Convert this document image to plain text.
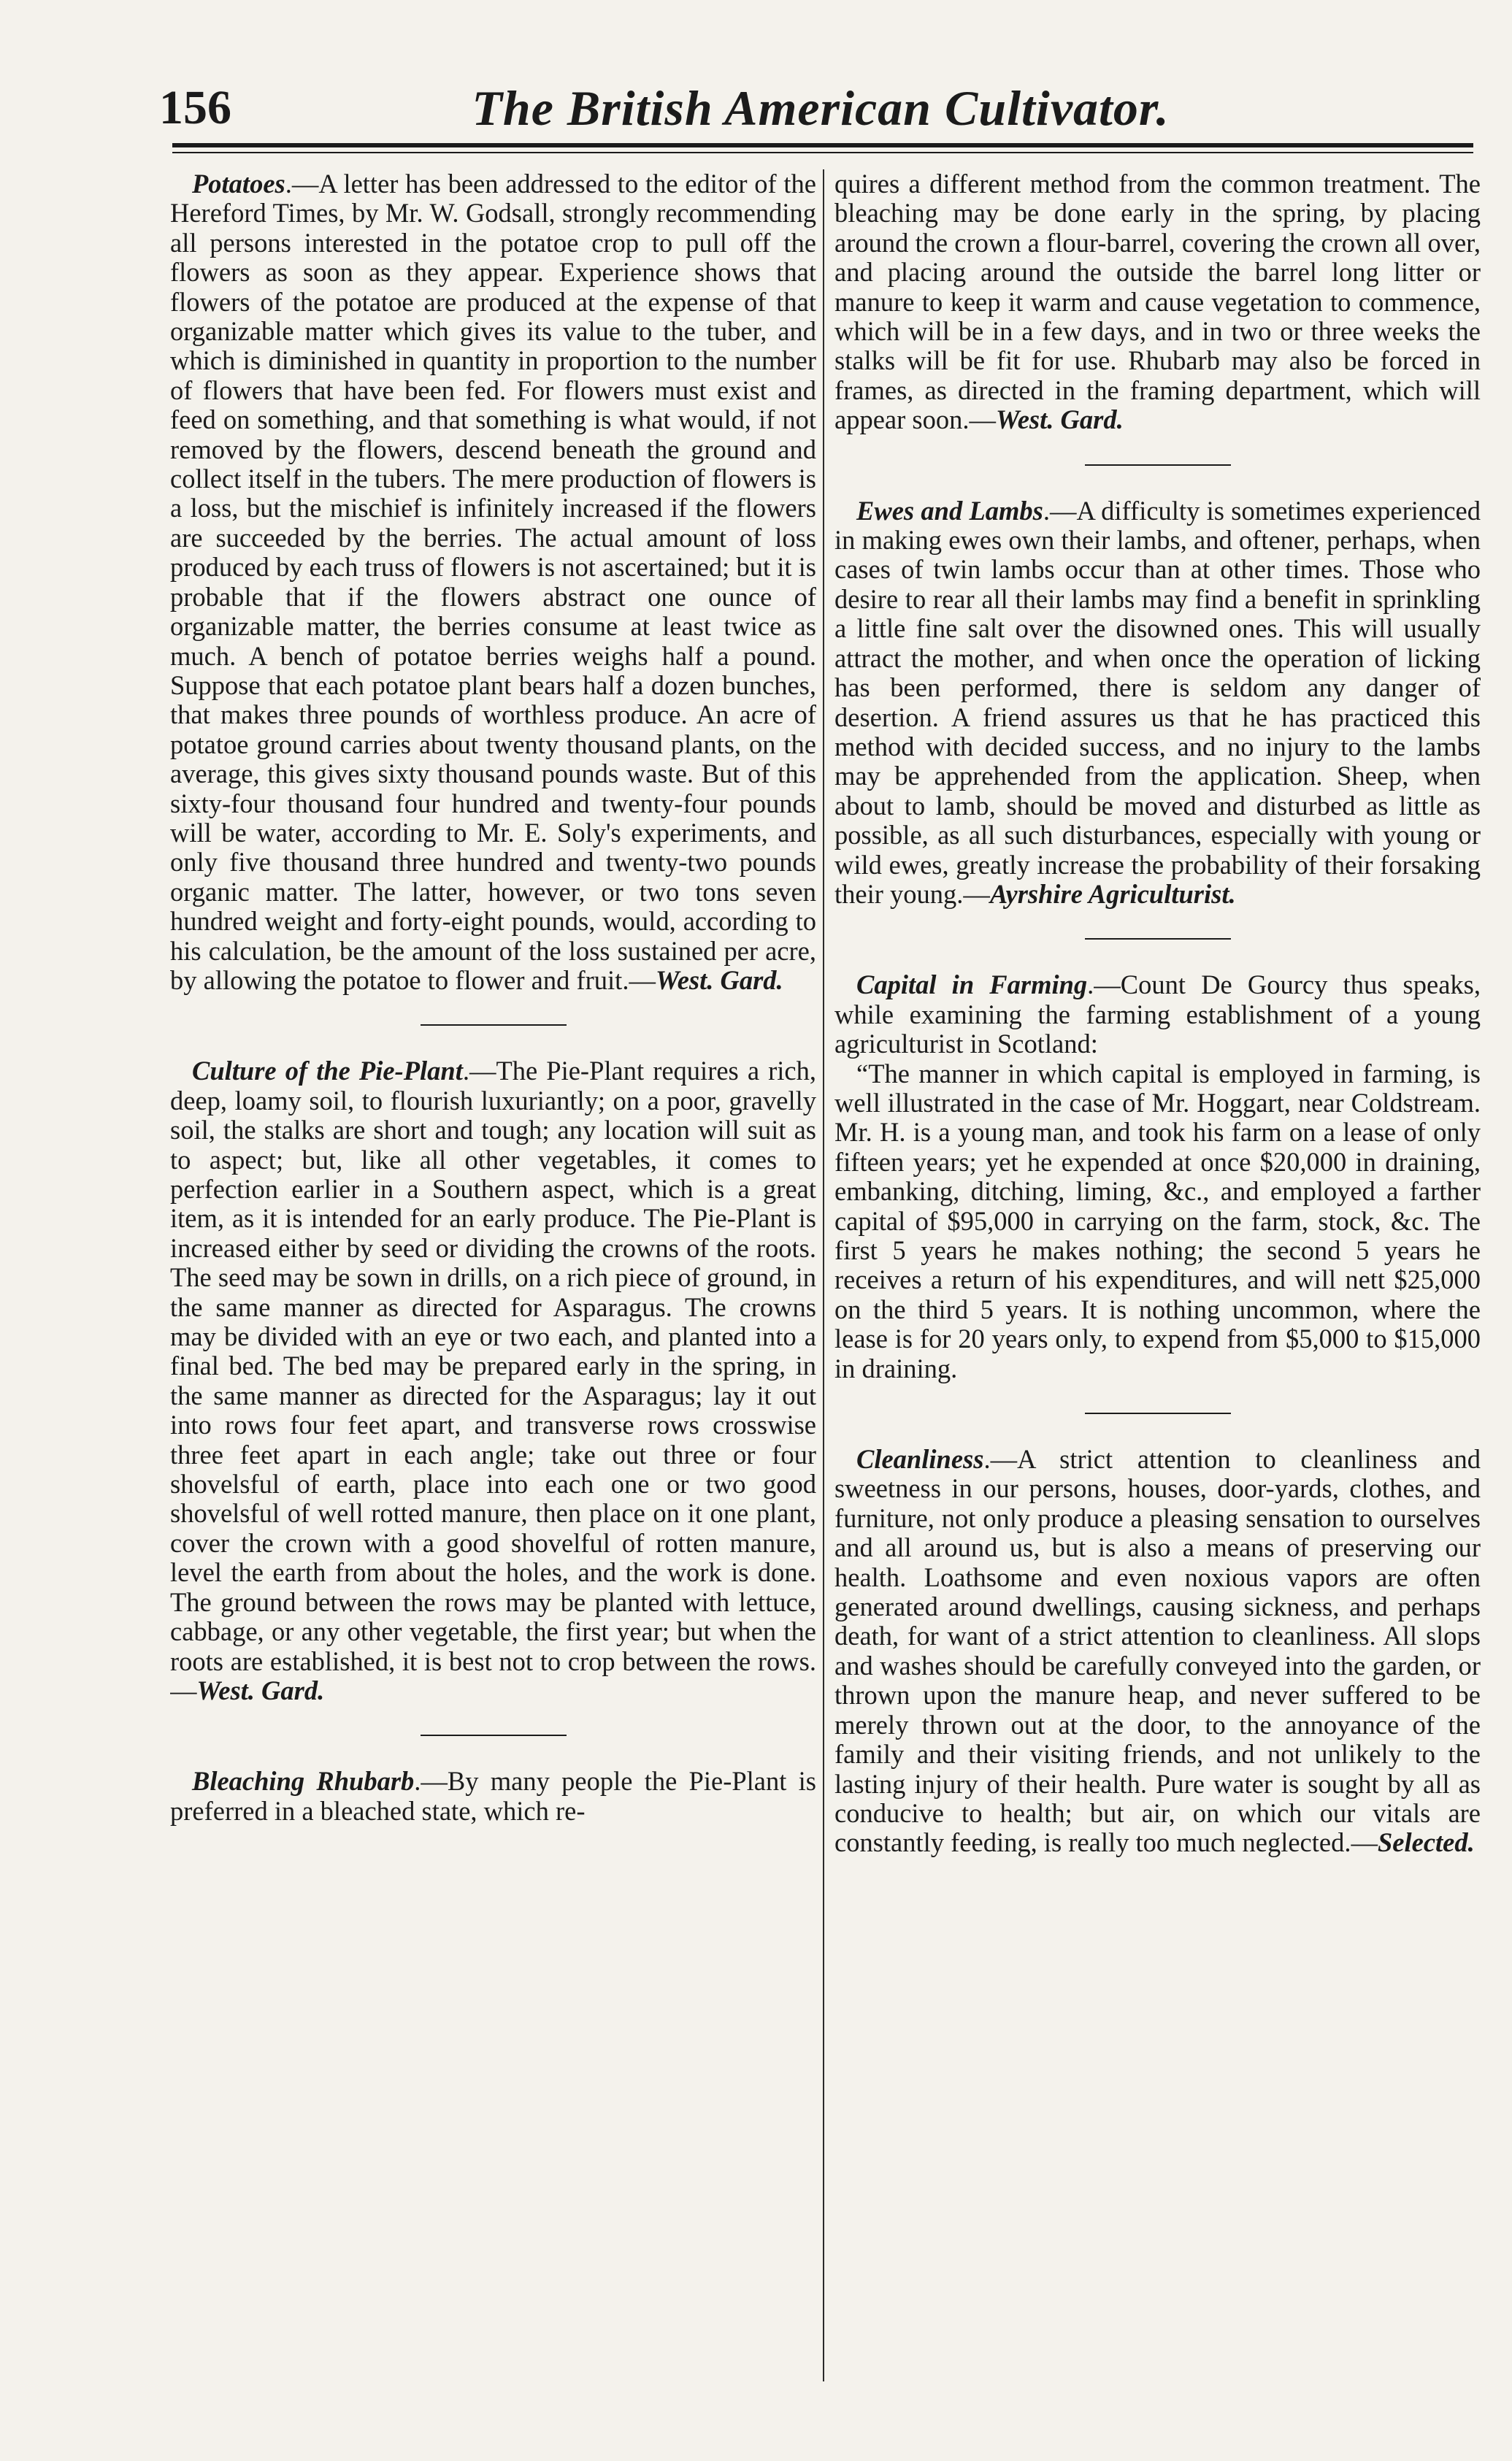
156	The British American Cultivator.

Potatoes.—A letter has been addressed to the editor of the Hereford Times, by Mr. W. Godsall, strongly recommending all persons interested in the potatoe crop to pull off the flowers as soon as they appear. Experience shows that flowers of the potatoe are produced at the expense of that organizable matter which gives its value to the tuber, and which is diminished in quantity in proportion to the number of flowers that have been fed. For flowers must exist and feed on something, and that something is what would, if not removed by the flowers, descend beneath the ground and collect itself in the tubers. The mere production of flowers is a loss, but the mischief is infinitely increased if the flowers are succeeded by the berries. The actual amount of loss produced by each truss of flowers is not ascertained; but it is probable that if the flowers abstract one ounce of organizable matter, the berries consume at least twice as much. A bench of potatoe berries weighs half a pound. Suppose that each potatoe plant bears half a dozen bunches, that makes three pounds of worthless produce. An acre of potatoe ground carries about twenty thousand plants, on the average, this gives sixty thousand pounds waste. But of this sixty-four thousand four hundred and twenty-four pounds will be water, according to Mr. E. Soly's experiments, and only five thousand three hundred and twenty-two pounds organic matter. The latter, however, or two tons seven hundred weight and forty-eight pounds, would, according to his calculation, be the amount of the loss sustained per acre, by allowing the potatoe to flower and fruit.—West. Gard.

Culture of the Pie-Plant.—The Pie-Plant requires a rich, deep, loamy soil, to flourish luxuriantly; on a poor, gravelly soil, the stalks are short and tough; any location will suit as to aspect; but, like all other vegetables, it comes to perfection earlier in a Southern aspect, which is a great item, as it is intended for an early produce. The Pie-Plant is increased either by seed or dividing the crowns of the roots. The seed may be sown in drills, on a rich piece of ground, in the same manner as directed for Asparagus. The crowns may be divided with an eye or two each, and planted into a final bed. The bed may be prepared early in the spring, in the same manner as directed for the Asparagus; lay it out into rows four feet apart, and transverse rows crosswise three feet apart in each angle; take out three or four shovelsful of earth, place into each one or two good shovelsful of well rotted manure, then place on it one plant, cover the crown with a good shovelful of rotten manure, level the earth from about the holes, and the work is done. The ground between the rows may be planted with lettuce, cabbage, or any other vegetable, the first year; but when the roots are established, it is best not to crop between the rows.—West. Gard.

Bleaching Rhubarb.—By many people the Pie-Plant is preferred in a bleached state, which re-

quires a different method from the common treatment. The bleaching may be done early in the spring, by placing around the crown a flour-barrel, covering the crown all over, and placing around the outside the barrel long litter or manure to keep it warm and cause vegetation to commence, which will be in a few days, and in two or three weeks the stalks will be fit for use. Rhubarb may also be forced in frames, as directed in the framing department, which will appear soon.—West. Gard.

Ewes and Lambs.—A difficulty is sometimes experienced in making ewes own their lambs, and oftener, perhaps, when cases of twin lambs occur than at other times. Those who desire to rear all their lambs may find a benefit in sprinkling a little fine salt over the disowned ones. This will usually attract the mother, and when once the operation of licking has been performed, there is seldom any danger of desertion. A friend assures us that he has practiced this method with decided success, and no injury to the lambs may be apprehended from the application. Sheep, when about to lamb, should be moved and disturbed as little as possible, as all such disturbances, especially with young or wild ewes, greatly increase the probability of their forsaking their young.—Ayrshire Agriculturist.

Capital in Farming.—Count De Gourcy thus speaks, while examining the farming establishment of a young agriculturist in Scotland:

“The manner in which capital is employed in farming, is well illustrated in the case of Mr. Hoggart, near Coldstream. Mr. H. is a young man, and took his farm on a lease of only fifteen years; yet he expended at once $20,000 in draining, embanking, ditching, liming, &c., and employed a farther capital of $95,000 in carrying on the farm, stock, &c. The first 5 years he makes nothing; the second 5 years he receives a return of his expenditures, and will nett $25,000 on the third 5 years. It is nothing uncommon, where the lease is for 20 years only, to expend from $5,000 to $15,000 in draining.

Cleanliness.—A strict attention to cleanliness and sweetness in our persons, houses, door-yards, clothes, and furniture, not only produce a pleasing sensation to ourselves and all around us, but is also a means of preserving our health. Loathsome and even noxious vapors are often generated around dwellings, causing sickness, and perhaps death, for want of a strict attention to cleanliness. All slops and washes should be carefully conveyed into the garden, or thrown upon the manure heap, and never suffered to be merely thrown out at the door, to the annoyance of the family and their visiting friends, and not unlikely to the lasting injury of their health. Pure water is sought by all as conducive to health; but air, on which our vitals are constantly feeding, is really too much neglected.—Selected.
